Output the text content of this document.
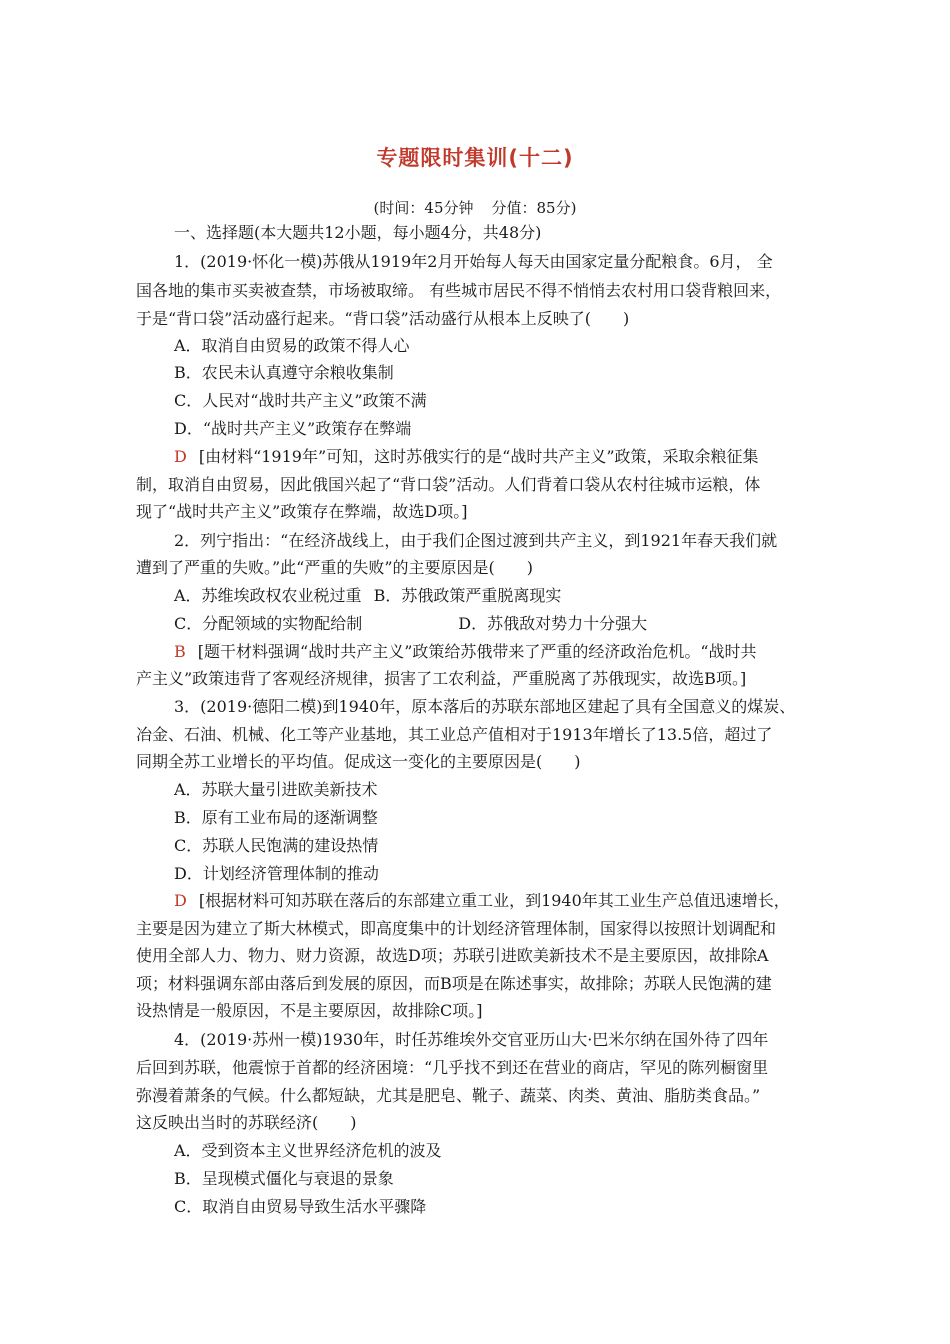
专题限时集训(十二)
(时间：45分钟 分值：85分)
一、选择题(本大题共12小题，每小题4分，共48分)
1．(2019·怀化一模)苏俄从1919年2月开始每人每天由国家定量分配粮食。6月， 全
国各地的集市买卖被查禁，市场被取缔。 有些城市居民不得不悄悄去农村用口袋背粮回来，
于是“背口袋”活动盛行起来。“背口袋”活动盛行从根本上反映了(　　)
A．取消自由贸易的政策不得人心
B．农民未认真遵守余粮收集制
C．人民对“战时共产主义”政策不满
D．“战时共产主义”政策存在弊端
D [由材料“1919年”可知，这时苏俄实行的是“战时共产主义”政策，采取余粮征集
制，取消自由贸易，因此俄国兴起了“背口袋”活动。人们背着口袋从农村往城市运粮，体
现了“战时共产主义”政策存在弊端，故选D项。]
2．列宁指出：“在经济战线上，由于我们企图过渡到共产主义，到1921年春天我们就
遭到了严重的失败。”此“严重的失败”的主要原因是(　　)
A．苏维埃政权农业税过重 B．苏俄政策严重脱离现实
C．分配领域的实物配给制	D．苏俄敌对势力十分强大
B [题干材料强调“战时共产主义”政策给苏俄带来了严重的经济政治危机。“战时共
产主义”政策违背了客观经济规律，损害了工农利益，严重脱离了苏俄现实，故选B项。]
3．(2019·德阳二模)到1940年，原本落后的苏联东部地区建起了具有全国意义的煤炭、
冶金、石油、机械、化工等产业基地，其工业总产值相对于1913年增长了13.5倍，超过了
同期全苏工业增长的平均值。促成这一变化的主要原因是(　　)
A．苏联大量引进欧美新技术
B．原有工业布局的逐渐调整
C．苏联人民饱满的建设热情
D．计划经济管理体制的推动
D [根据材料可知苏联在落后的东部建立重工业，到1940年其工业生产总值迅速增长，
主要是因为建立了斯大林模式，即高度集中的计划经济管理体制，国家得以按照计划调配和
使用全部人力、物力、财力资源，故选D项；苏联引进欧美新技术不是主要原因，故排除A
项；材料强调东部由落后到发展的原因，而B项是在陈述事实，故排除；苏联人民饱满的建
设热情是一般原因，不是主要原因，故排除C项。]
4．(2019·苏州一模)1930年，时任苏维埃外交官亚历山大·巴米尔纳在国外待了四年
后回到苏联，他震惊于首都的经济困境：“几乎找不到还在营业的商店，罕见的陈列橱窗里
弥漫着萧条的气候。什么都短缺，尤其是肥皂、靴子、蔬菜、肉类、黄油、脂肪类食品。”
这反映出当时的苏联经济(　　)
A．受到资本主义世界经济危机的波及
B．呈现模式僵化与衰退的景象
C．取消自由贸易导致生活水平骤降
